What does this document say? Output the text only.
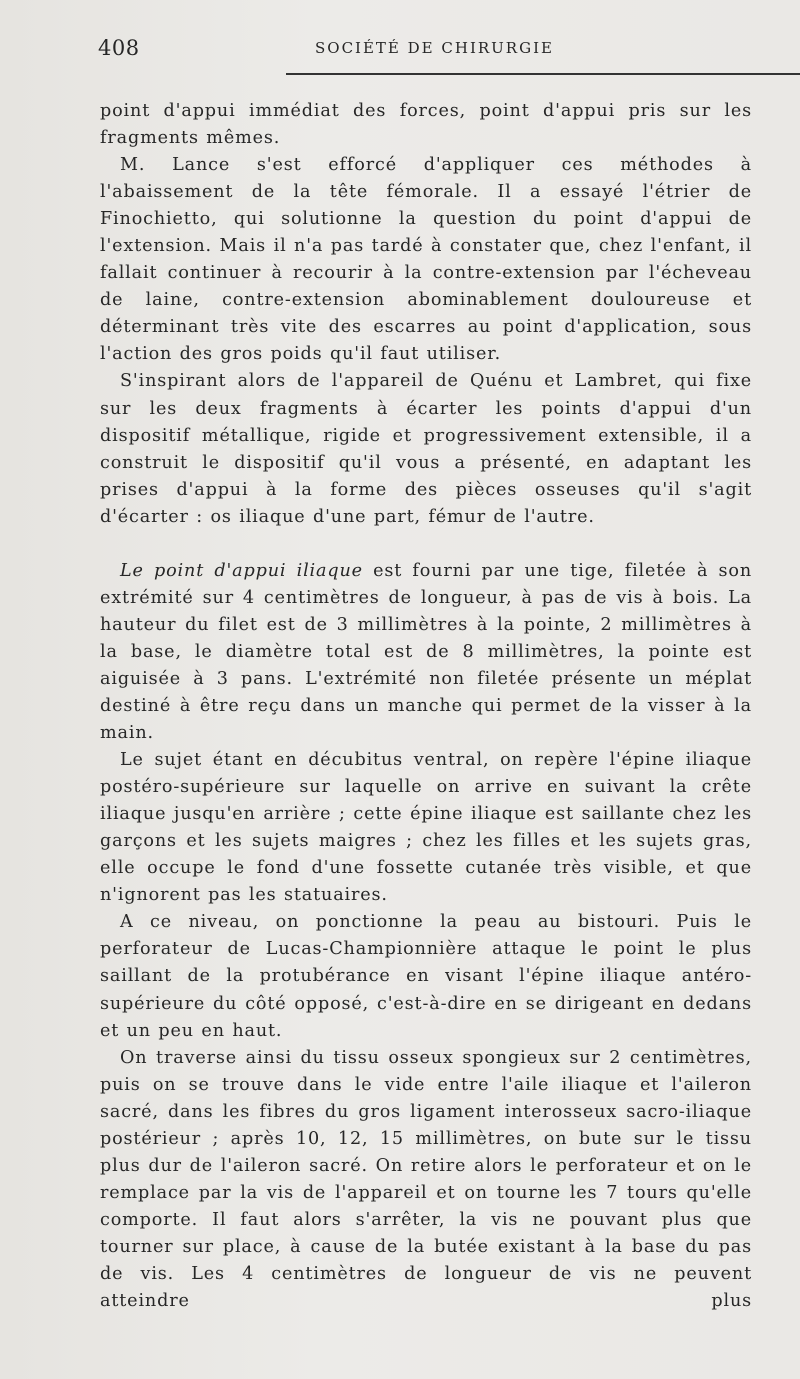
408	SOCIÉTÉ DE CHIRURGIE

point d'appui immédiat des forces, point d'appui pris sur les fragments mêmes.

M. Lance s'est efforcé d'appliquer ces méthodes à l'abaissement de la tête fémorale. Il a essayé l'étrier de Finochietto, qui solutionne la question du point d'appui de l'extension. Mais il n'a pas tardé à constater que, chez l'enfant, il fallait continuer à recourir à la contre-extension par l'écheveau de laine, contre-extension abominablement douloureuse et déterminant très vite des escarres au point d'application, sous l'action des gros poids qu'il faut utiliser.

S'inspirant alors de l'appareil de Quénu et Lambret, qui fixe sur les deux fragments à écarter les points d'appui d'un dispositif métallique, rigide et progressivement extensible, il a construit le dispositif qu'il vous a présenté, en adaptant les prises d'appui à la forme des pièces osseuses qu'il s'agit d'écarter : os iliaque d'une part, fémur de l'autre.

Le point d'appui iliaque est fourni par une tige, filetée à son extrémité sur 4 centimètres de longueur, à pas de vis à bois. La hauteur du filet est de 3 millimètres à la pointe, 2 millimètres à la base, le diamètre total est de 8 millimètres, la pointe est aiguisée à 3 pans. L'extrémité non filetée présente un méplat destiné à être reçu dans un manche qui permet de la visser à la main.

Le sujet étant en décubitus ventral, on repère l'épine iliaque postéro-supérieure sur laquelle on arrive en suivant la crête iliaque jusqu'en arrière ; cette épine iliaque est saillante chez les garçons et les sujets maigres ; chez les filles et les sujets gras, elle occupe le fond d'une fossette cutanée très visible, et que n'ignorent pas les statuaires.

A ce niveau, on ponctionne la peau au bistouri. Puis le perforateur de Lucas-Championnière attaque le point le plus saillant de la protubérance en visant l'épine iliaque antéro-supérieure du côté opposé, c'est-à-dire en se dirigeant en dedans et un peu en haut.

On traverse ainsi du tissu osseux spongieux sur 2 centimètres, puis on se trouve dans le vide entre l'aile iliaque et l'aileron sacré, dans les fibres du gros ligament interosseux sacro-iliaque postérieur ; après 10, 12, 15 millimètres, on bute sur le tissu plus dur de l'aileron sacré. On retire alors le perforateur et on le remplace par la vis de l'appareil et on tourne les 7 tours qu'elle comporte. Il faut alors s'arrêter, la vis ne pouvant plus que tourner sur place, à cause de la butée existant à la base du pas de vis. Les 4 centimètres de longueur de vis ne peuvent atteindre plus
